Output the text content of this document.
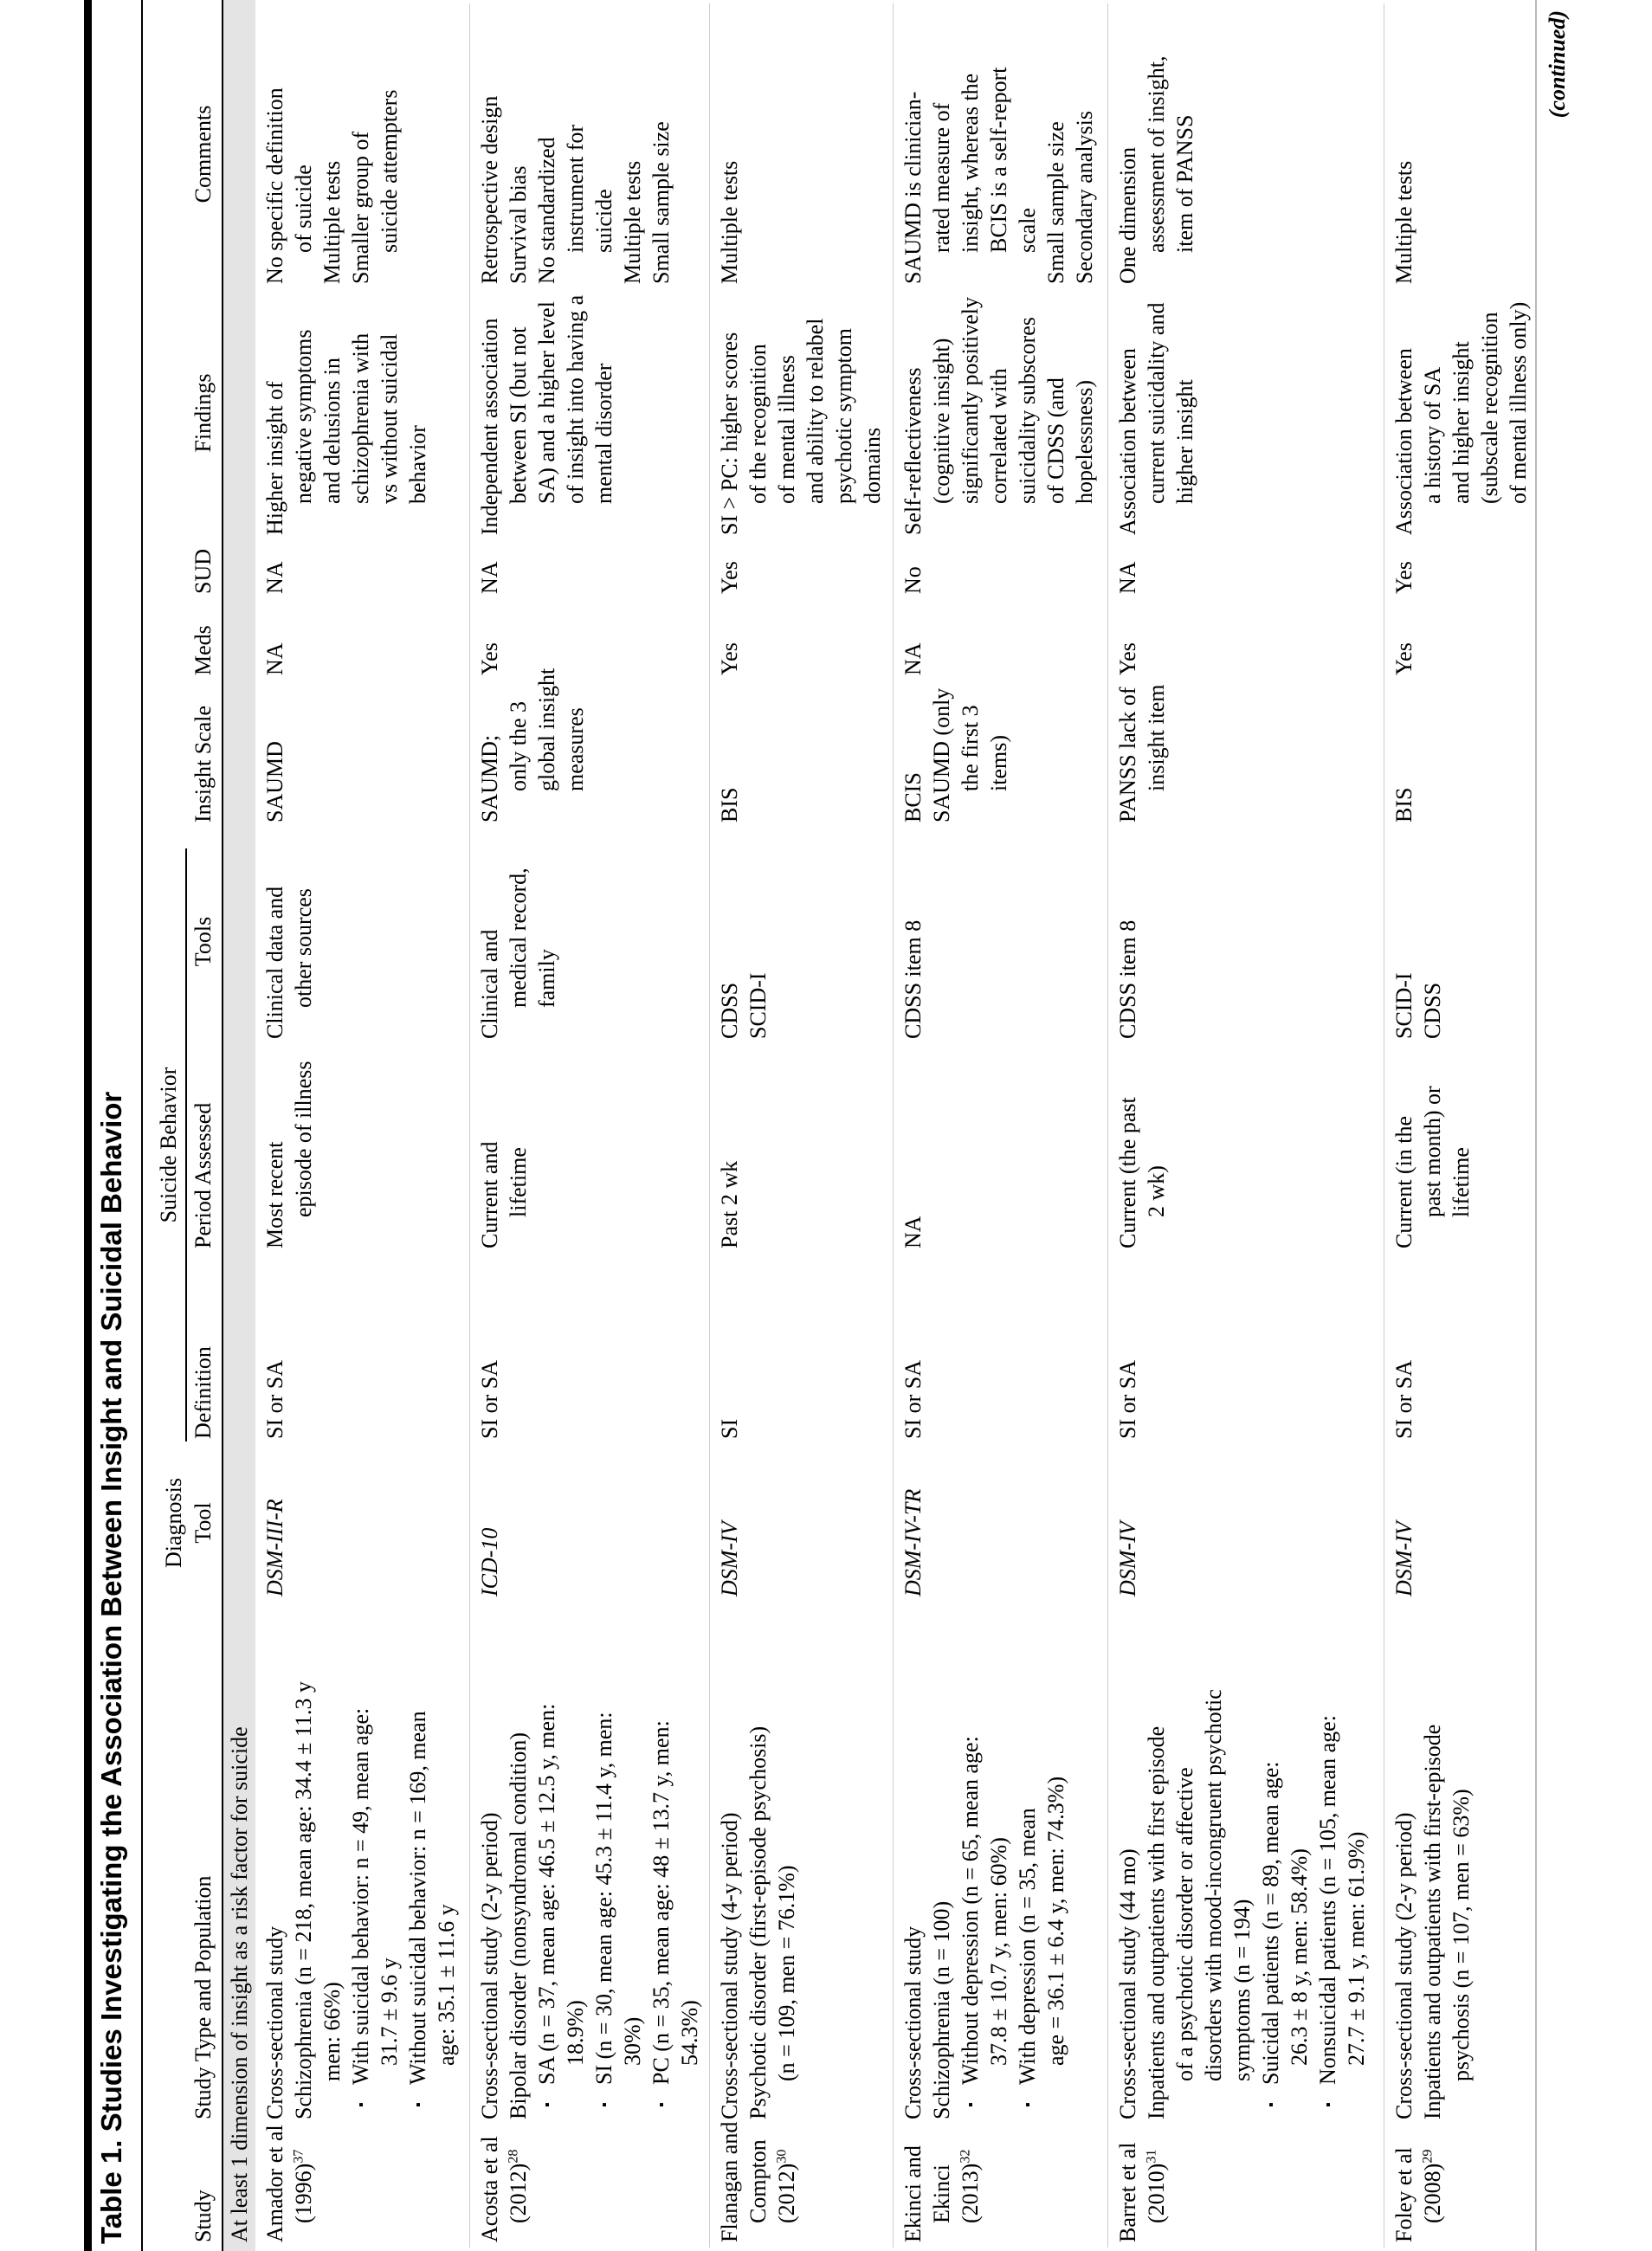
Table 1. Studies Investigating the Association Between Insight and Suicidal Behavior	Study
Study Type and Population
Diagnosis Tool
Suicide Behavior
Definition
Period Assessed
Tools
Insight Scale
Meds
SUD
Findings
Comments
At least 1 dimension of insight as a risk factor for suicide Amador et al (1996)$^{37}$
Cross-sectional study Schizophrenia (n = 218, mean age: 34.4 ± 11.3 y men: 66%)
▪
With suicidal behavior: n = 49, mean age: 31.7 ± 9.6 y
▪
Without suicidal behavior: n = 169, mean age: 35.1 ± 11.6 y
DSM-III-R
SI or SA
Most recent episode of illness
Clinical data and other sources
SAUMD
NA
NA
Higher insight of negative symptoms and delusions in schizophrenia with vs without suicidal behavior
No specific definition of suicide Multiple tests Smaller group of suicide attempters
Acosta et al (2012)$^{28}$
Cross-sectional study (2-y period) Bipolar disorder (nonsyndromal condition) ▪
SA (n = 37, mean age: 46.5 ± 12.5 y, men: 18.9%)
▪
SI (n = 30, mean age: 45.3 ± 11.4 y, men: 30%)
▪
PC (n = 35, mean age: 48 ± 13.7 y, men: 54.3%)
ICD-10
SI or SA
Current and lifetime
Clinical and medical record, family
SAUMD; only the 3 global insight measures
Yes
NA
Independent association between SI (but not SA) and a higher level of insight into having a mental disorder
Retrospective design Survival bias No standardized instrument for suicide Multiple tests Small sample size
Flanagan and Compton (2012)$^{30}$
Cross-sectional study (4-y period) Psychotic disorder (first-episode psychosis) (n = 109, men = 76.1%)
DSM-IV
SI
Past 2 wk
CDSS SCID-I
BIS
Yes
Yes
SI > PC: higher scores of the recognition of mental illness and ability to relabel psychotic symptom domains
Multiple tests
Ekinci and Ekinci (2013)$^{32}$
Cross-sectional study Schizophrenia (n = 100) ▪
Without depression (n = 65, mean age: 37.8 ± 10.7 y, men: 60%)
▪
With depression (n = 35, mean age = 36.1 ± 6.4 y, men: 74.3%)
DSM-IV-TR
SI or SA
NA
CDSS item 8
BCIS SAUMD (only the first 3 items)
NA
No
Self-reflectiveness (cognitive insight) significantly positively correlated with suicidality subscores of CDSS (and hopelessness)
SAUMD is clinician- rated measure of insight, whereas the BCIS is a self-report scale Small sample size Secondary analysis
Barret et al (2010)$^{31}$
Cross-sectional study (44 mo) Inpatients and outpatients with first episode of a psychotic disorder or affective disorders with mood-incongruent psychotic symptoms (n = 194)
▪
Suicidal patients (n = 89, mean age: 26.3 ± 8 y, men: 58.4%)
▪
Nonsuicidal patients (n = 105, mean age: 27.7 ± 9.1 y, men: 61.9%)
DSM-IV
SI or SA
Current (the past 2 wk)
CDSS item 8
PANSS lack of insight item
Yes
NA
Association between current suicidality and higher insight
One dimension assessment of insight, item of PANSS
Foley et al (2008)$^{29}$
Cross-sectional study (2-y period) Inpatients and outpatients with first-episode psychosis (n = 107, men = 63%)
DSM-IV
SI or SA
Current (in the past month) or lifetime
SCID-I CDSS
BIS
Yes
Yes
Association between a history of SA and higher insight (subscale recognition of mental illness only)
Multiple tests
(continued)
